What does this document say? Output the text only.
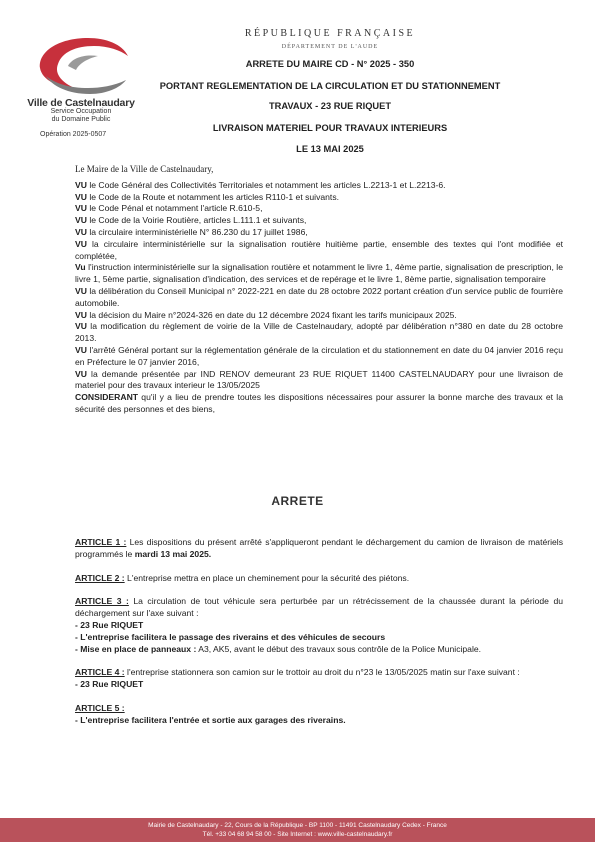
RÉPUBLIQUE FRANÇAISE
DÉPARTEMENT DE L'AUDE
ARRETE DU MAIRE CD - N° 2025 - 350
PORTANT REGLEMENTATION DE LA CIRCULATION ET DU STATIONNEMENT
TRAVAUX - 23 RUE RIQUET
LIVRAISON MATERIEL POUR TRAVAUX INTERIEURS
LE 13 MAI 2025
Ville de Castelnaudary
Service Occupation
du Domaine Public
Opération 2025-0507

Le Maire de la Ville de Castelnaudary,

VU le Code Général des Collectivités Territoriales et notamment les articles L.2213-1 et L.2213-6.

VU le Code de la Route et notamment les articles R110-1 et suivants.

VU le Code Pénal et notamment l'article R.610-5,

VU le Code de la Voirie Routière, articles L.111.1 et suivants,

VU la circulaire interministérielle N° 86.230 du 17 juillet 1986,

VU la circulaire interministérielle sur la signalisation routière huitième partie, ensemble des textes qui l'ont modifiée et complétée,

Vu l'instruction interministérielle sur la signalisation routière et notamment le livre 1, 4ème partie, signalisation de prescription, le livre 1, 5ème partie, signalisation d'indication, des services et de repérage et le livre 1, 8ème partie, signalisation temporaire

VU la délibération du Conseil Municipal n° 2022-221 en date du 28 octobre 2022 portant création d'un service public de fourrière automobile.

VU la décision du Maire n°2024-326 en date du 12 décembre 2024 fixant les tarifs municipaux 2025.

VU la modification du règlement de voirie de la Ville de Castelnaudary, adopté par délibération n°380 en date du 28 octobre 2013.

VU l'arrêté Général portant sur la réglementation générale de la circulation et du stationnement en date du 04 janvier 2016 reçu en Préfecture le 07 janvier 2016,

VU la demande présentée par IND RENOV demeurant 23 RUE RIQUET 11400 CASTELNAUDARY pour une livraison de materiel pour des travaux interieur le 13/05/2025

CONSIDERANT qu'il y a lieu de prendre toutes les dispositions nécessaires pour assurer la bonne marche des travaux et la sécurité des personnes et des biens,

ARRETE

ARTICLE 1 : Les dispositions du présent arrêté s'appliqueront pendant le déchargement du camion de livraison de matériels programmés le mardi 13 mai 2025.

ARTICLE 2 : L'entreprise mettra en place un cheminement pour la sécurité des piétons.

ARTICLE 3 : La circulation de tout véhicule sera perturbée par un rétrécissement de la chaussée durant la période du déchargement sur l'axe suivant :

- 23 Rue RIQUET

- L'entreprise facilitera le passage des riverains et des véhicules de secours

- Mise en place de panneaux : A3, AK5, avant le début des travaux sous contrôle de la Police Municipale.

ARTICLE 4 : l'entreprise stationnera son camion sur le trottoir au droit du n°23 le 13/05/2025 matin sur l'axe suivant :

- 23 Rue RIQUET

ARTICLE 5 :

- L'entreprise facilitera l'entrée et sortie aux garages des riverains.

Mairie de Castelnaudary - 22, Cours de la République - BP 1100 - 11491 Castelnaudary Cedex - France
Tél. +33 04 68 94 58 00 - Site Internet : www.ville-castelnaudary.fr
